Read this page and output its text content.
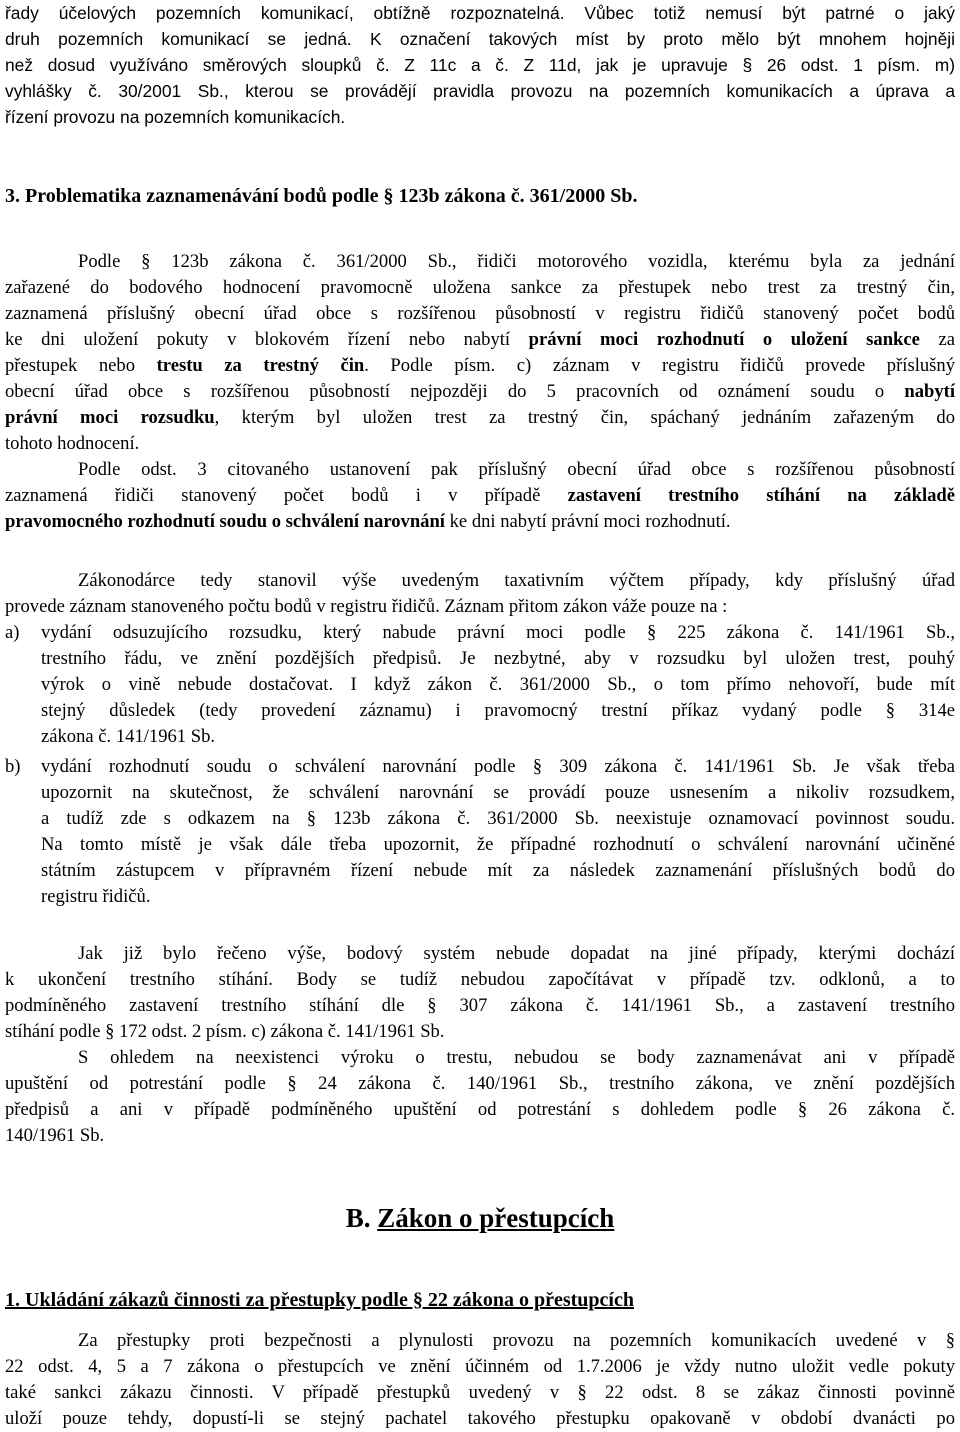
řady účelových pozemních komunikací, obtížně rozpoznatelná. Vůbec totiž nemusí být patrné o jaký
druh pozemních komunikací se jedná. K označení takových míst by proto mělo být mnohem hojněji
než dosud využíváno směrových sloupků č. Z 11c a č. Z 11d, jak je upravuje § 26 odst. 1 písm. m)
vyhlášky č. 30/2001 Sb., kterou se provádějí pravidla provozu na pozemních komunikacích a úprava a
řízení provozu na pozemních komunikacích.
3. Problematika zaznamenávání bodů podle § 123b zákona č. 361/2000 Sb.
Podle § 123b zákona č. 361/2000 Sb., řidiči motorového vozidla, kterému byla za jednání
zařazené do bodového hodnocení pravomocně uložena sankce za přestupek nebo trest za trestný čin,
zaznamená příslušný obecní úřad obce s rozšířenou působností v registru řidičů stanovený počet bodů
ke dni uložení pokuty v blokovém řízení nebo nabytí právní moci rozhodnutí o uložení sankce za
přestupek nebo trestu za trestný čin. Podle písm. c) záznam v registru řidičů provede příslušný
obecní úřad obce s rozšířenou působností nejpozději do 5 pracovních od oznámení soudu o nabytí
právní moci rozsudku, kterým byl uložen trest za trestný čin, spáchaný jednáním zařazeným do
tohoto hodnocení.
Podle odst. 3 citovaného ustanovení pak příslušný obecní úřad obce s rozšířenou působností
zaznamená řidiči stanovený počet bodů i v případě zastavení trestního stíhání na základě
pravomocného rozhodnutí soudu o schválení narovnání ke dni nabytí právní moci rozhodnutí.
Zákonodárce tedy stanovil výše uvedeným taxativním výčtem případy, kdy příslušný úřad
provede záznam stanoveného počtu bodů v registru řidičů. Záznam přitom zákon váže pouze na :
a)	vydání odsuzujícího rozsudku, který nabude právní moci podle § 225 zákona č. 141/1961 Sb.,
trestního řádu, ve znění pozdějších předpisů. Je nezbytné, aby v rozsudku byl uložen trest, pouhý
výrok o vině nebude dostačovat. I když zákon č. 361/2000 Sb., o tom přímo nehovoří, bude mít
stejný důsledek (tedy provedení záznamu) i pravomocný trestní příkaz vydaný podle § 314e
zákona č. 141/1961 Sb.
b)	vydání rozhodnutí soudu o schválení narovnání podle § 309 zákona č. 141/1961 Sb. Je však třeba
upozornit na skutečnost, že schválení narovnání se provádí pouze usnesením a nikoliv rozsudkem,
a tudíž zde s odkazem na § 123b zákona č. 361/2000 Sb. neexistuje oznamovací povinnost soudu.
Na tomto místě je však dále třeba upozornit, že případné rozhodnutí o schválení narovnání učiněné
státním zástupcem v přípravném řízení nebude mít za následek zaznamenání příslušných bodů do
registru řidičů.
Jak již bylo řečeno výše, bodový systém nebude dopadat na jiné případy, kterými dochází
k ukončení trestního stíhání. Body se tudíž nebudou započítávat v případě tzv. odklonů, a to
podmíněného zastavení trestního stíhání dle § 307 zákona č. 141/1961 Sb., a zastavení trestního
stíhání podle § 172 odst. 2 písm. c) zákona č. 141/1961 Sb.
S ohledem na neexistenci výroku o trestu, nebudou se body zaznamenávat ani v případě
upuštění od potrestání podle § 24 zákona č. 140/1961 Sb., trestního zákona, ve znění pozdějších
předpisů a ani v případě podmíněného upuštění od potrestání s dohledem podle § 26 zákona č.
140/1961 Sb.
B. Zákon o přestupcích
1. Ukládání zákazů činnosti za přestupky podle § 22 zákona o přestupcích
Za přestupky proti bezpečnosti a plynulosti provozu na pozemních komunikacích uvedené v §
22 odst. 4, 5 a 7 zákona o přestupcích ve znění účinném od 1.7.2006 je vždy nutno uložit vedle pokuty
také sankci zákazu činnosti. V případě přestupků uvedený v § 22 odst. 8 se zákaz činnosti povinně
uloží pouze tehdy, dopustí-li se stejný pachatel takového přestupku opakovaně v období dvanácti po
